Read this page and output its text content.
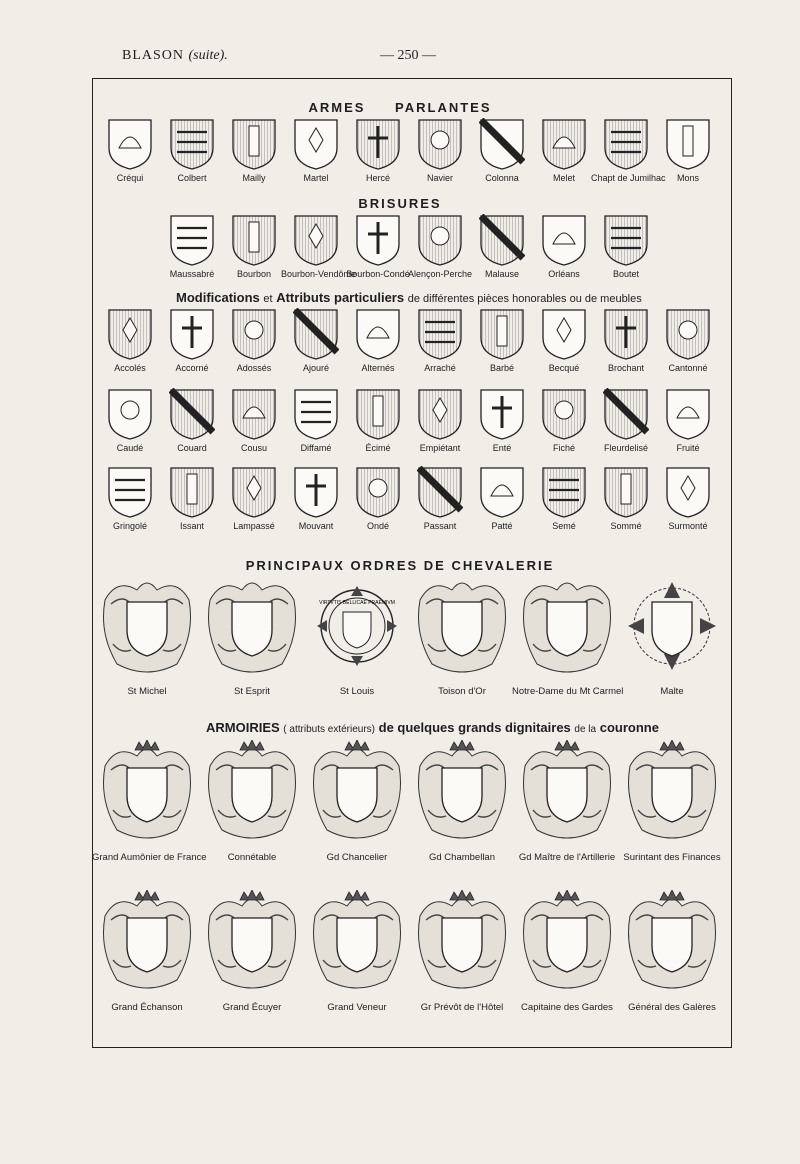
BLASON (suite).	— 250 —
ARMES PARLANTES
BRISURES
Modifications et Attributs particuliers de différentes pièces honorables ou de meubles
PRINCIPAUX ORDRES DE CHEVALERIE
ARMOIRIES ( attributs extérieurs) de quelques grands dignitaires de la couronne
Créqui	Colbert	Mailly	Martel	Hercé	Navier	Colonna	Melet	Chapt de Jumilhac	Mons
Maussabré	Bourbon	Bourbon-Vendôme
Bourbon-Condé
Alençon-Perche	Malause	Orléans	Boutet
Accolés	Accorné	Adossés	Ajouré	Alternés	Arraché	Barbé	Becqué	Brochant	Cantonné
Caudé	Couard	Cousu	Diffamé	Écimé	Empiétant	Enté	Fiché	Fleurdelisé	Fruité
Gringolé	Issant	Lampassé	Mouvant	Ondé	Passant	Patté	Semé	Sommé	Surmonté
St Michel	St Esprit
VIRTVTIS BELLICAE PRAEMIVM
St Louis	Toison d'Or	Notre-Dame du Mt Carmel	Malte
Grand Aumônier de France	Connétable	Gd Chancelier	Gd Chambellan	Gd Maître de l'Artillerie Surintant des Finances
Grand Échanson	Grand Écuyer	Grand Veneur	Gr Prévôt de l'Hôtel	Capitaine des Gardes	Général des Galères
